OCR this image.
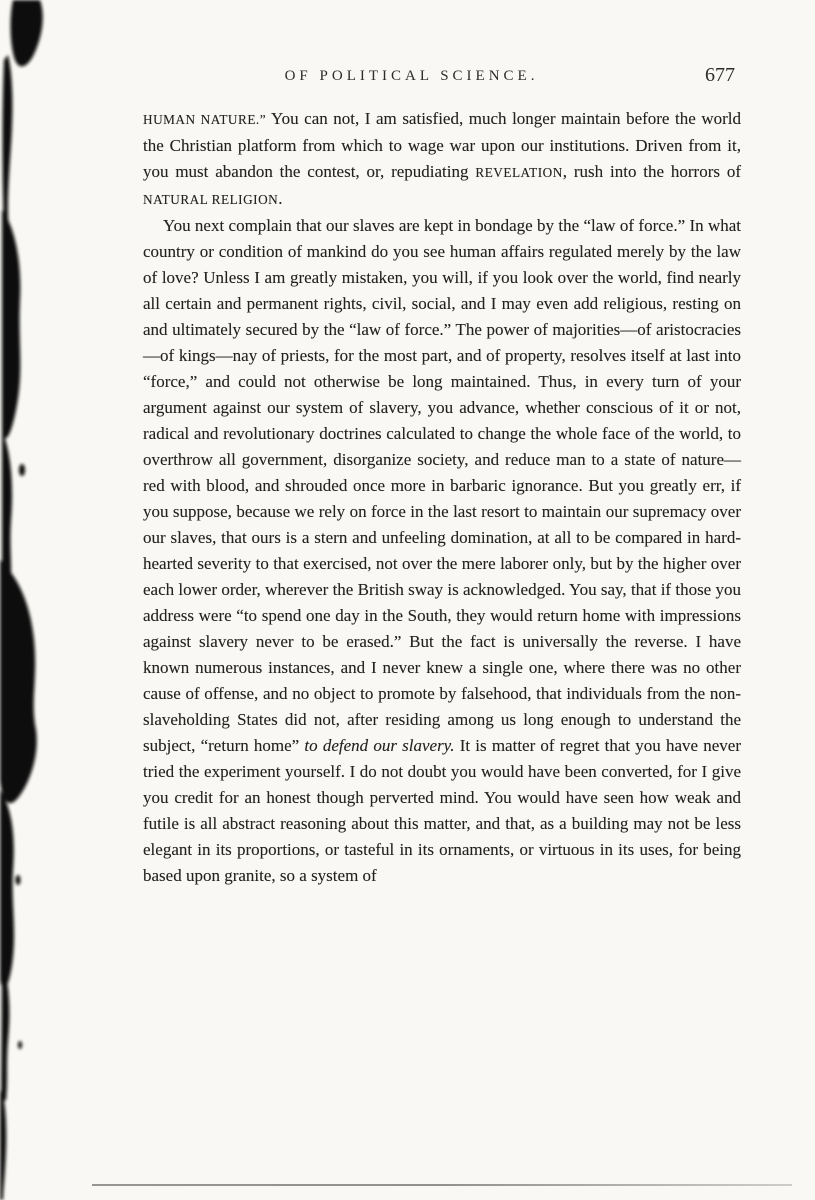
OF POLITICAL SCIENCE.	677

HUMAN NATURE.” You can not, I am satisfied, much longer maintain before the world the Christian platform from which to wage war upon our institutions. Driven from it, you must abandon the contest, or, repudiating REVELATION, rush into the horrors of NATURAL RELIGION.

You next complain that our slaves are kept in bondage by the “law of force.” In what country or condition of mankind do you see human affairs regulated merely by the law of love? Unless I am greatly mistaken, you will, if you look over the world, find nearly all certain and permanent rights, civil, social, and I may even add religious, resting on and ultimately secured by the “law of force.” The power of majorities—of aristocracies—of kings—nay of priests, for the most part, and of property, resolves itself at last into “force,” and could not otherwise be long maintained. Thus, in every turn of your argument against our system of slavery, you advance, whether conscious of it or not, radical and revolutionary doctrines calculated to change the whole face of the world, to overthrow all government, disorganize society, and reduce man to a state of nature—red with blood, and shrouded once more in barbaric ignorance. But you greatly err, if you suppose, because we rely on force in the last resort to maintain our supremacy over our slaves, that ours is a stern and unfeeling domination, at all to be compared in hard-hearted severity to that exercised, not over the mere laborer only, but by the higher over each lower order, wherever the British sway is acknowledged. You say, that if those you address were “to spend one day in the South, they would return home with impressions against slavery never to be erased.” But the fact is universally the reverse. I have known numerous instances, and I never knew a single one, where there was no other cause of offense, and no object to promote by falsehood, that individuals from the non-slaveholding States did not, after residing among us long enough to understand the subject, “return home” to defend our slavery. It is matter of regret that you have never tried the experiment yourself. I do not doubt you would have been converted, for I give you credit for an honest though perverted mind. You would have seen how weak and futile is all abstract reasoning about this matter, and that, as a building may not be less elegant in its proportions, or tasteful in its ornaments, or virtuous in its uses, for being based upon granite, so a system of
